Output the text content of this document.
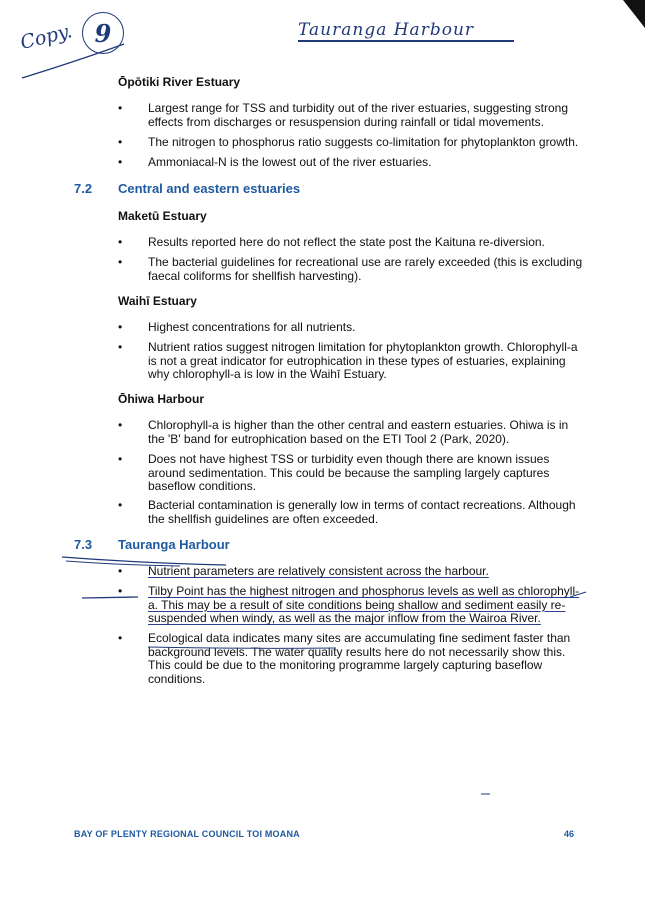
Copy. 9	Tauranga Harbour
Ōpōtiki River Estuary
• Largest range for TSS and turbidity out of the river estuaries, suggesting strong effects from discharges or resuspension during rainfall or tidal movements.
• The nitrogen to phosphorus ratio suggests co-limitation for phytoplankton growth.
• Ammoniacal-N is the lowest out of the river estuaries.
7.2 Central and eastern estuaries
Maketū Estuary
• Results reported here do not reflect the state post the Kaituna re-diversion.
• The bacterial guidelines for recreational use are rarely exceeded (this is excluding faecal coliforms for shellfish harvesting).
Waihī Estuary
• Highest concentrations for all nutrients.
• Nutrient ratios suggest nitrogen limitation for phytoplankton growth. Chlorophyll-a is not a great indicator for eutrophication in these types of estuaries, explaining why chlorophyll-a is low in the Waihī Estuary.
Ōhiwa Harbour
• Chlorophyll-a is higher than the other central and eastern estuaries. Ohiwa is in the 'B' band for eutrophication based on the ETI Tool 2 (Park, 2020).
• Does not have highest TSS or turbidity even though there are known issues around sedimentation. This could be because the sampling largely captures baseflow conditions.
• Bacterial contamination is generally low in terms of contact recreations. Although the shellfish guidelines are often exceeded.
7.3 Tauranga Harbour
• Nutrient parameters are relatively consistent across the harbour.
• Tilby Point has the highest nitrogen and phosphorus levels as well as chlorophyll-a. This may be a result of site conditions being shallow and sediment easily re-suspended when windy, as well as the major inflow from the Wairoa River.
• Ecological data indicates many sites are accumulating fine sediment faster than background levels. The water quality results here do not necessarily show this. This could be due to the monitoring programme largely capturing baseflow conditions.
BAY OF PLENTY REGIONAL COUNCIL TOI MOANA	46
